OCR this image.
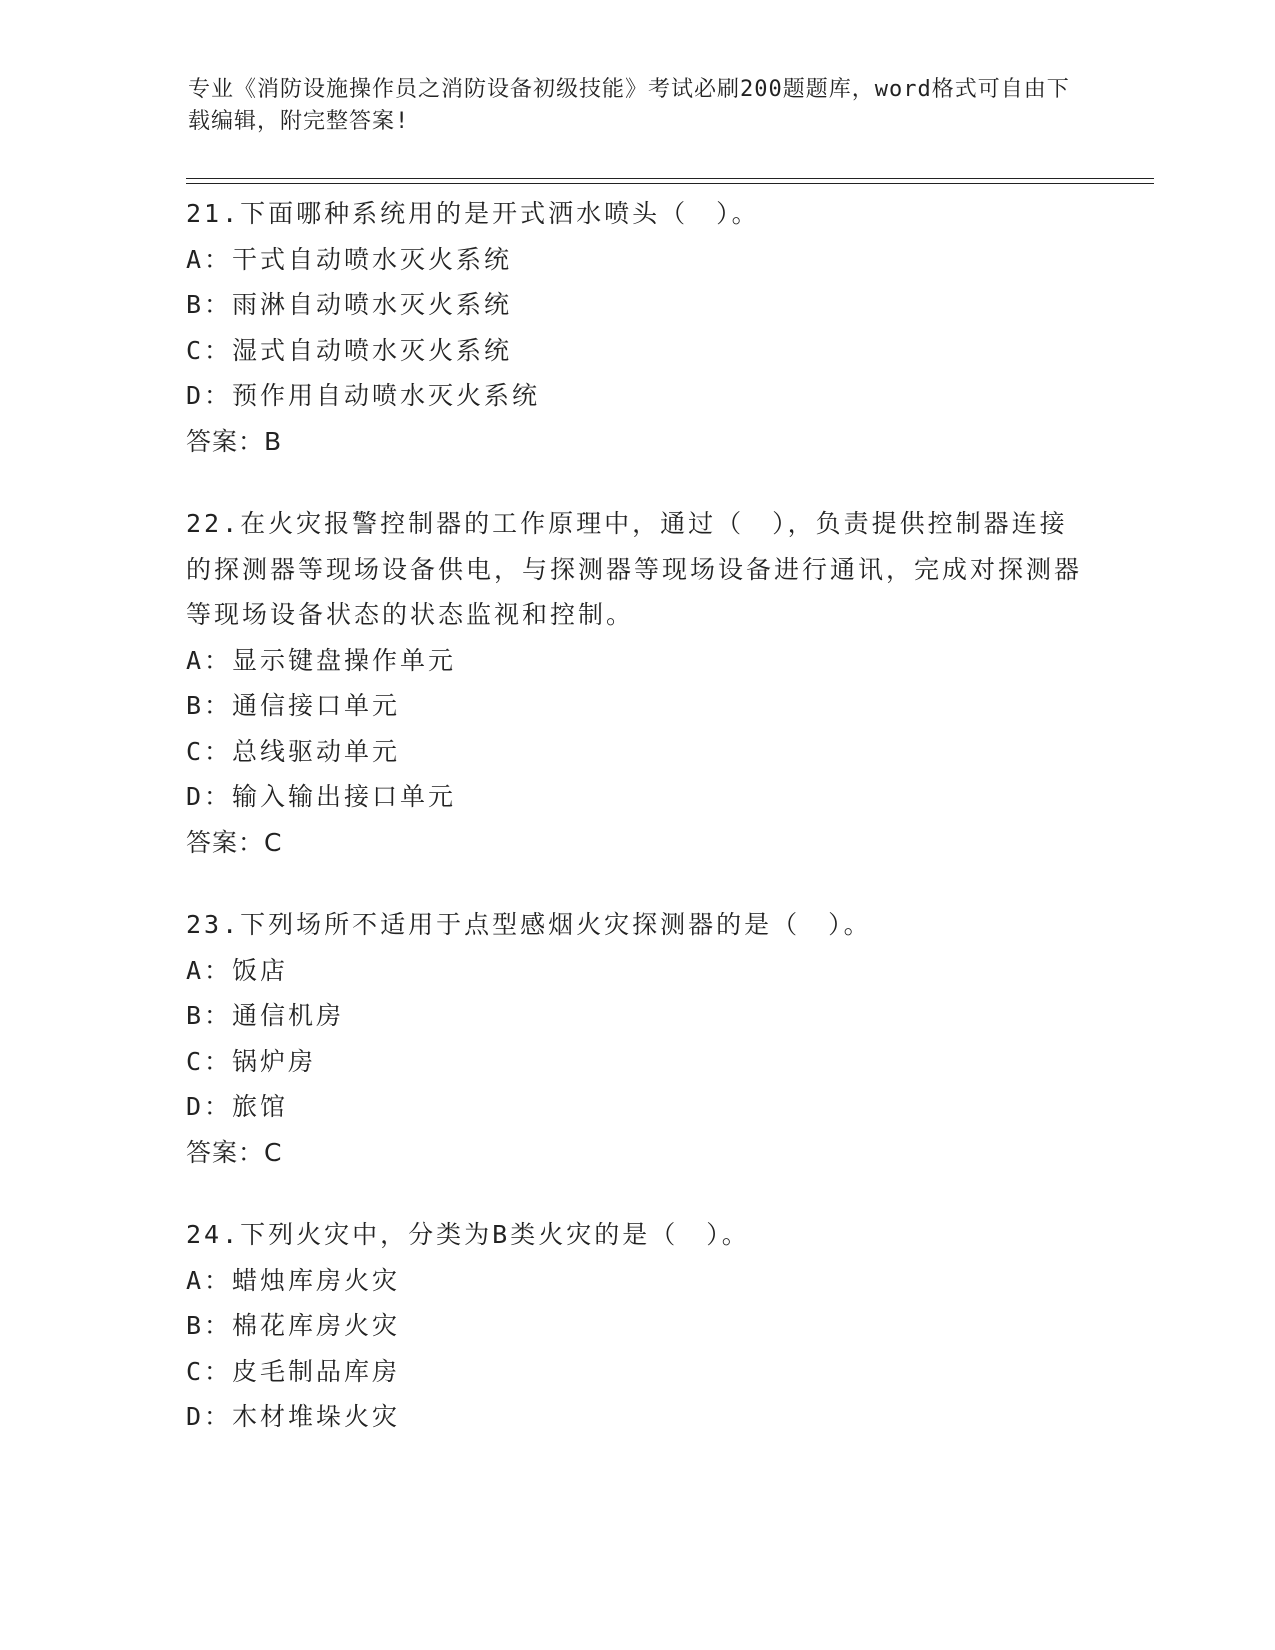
专业《消防设施操作员之消防设备初级技能》考试必刷200题题库，word格式可自由下载编辑，附完整答案!

21.下面哪种系统用的是开式洒水喷头（　）。

A：干式自动喷水灭火系统

B：雨淋自动喷水灭火系统

C：湿式自动喷水灭火系统

D：预作用自动喷水灭火系统

答案：B

22.在火灾报警控制器的工作原理中，通过（　），负责提供控制器连接的探测器等现场设备供电，与探测器等现场设备进行通讯，完成对探测器等现场设备状态的状态监视和控制。

A：显示键盘操作单元

B：通信接口单元

C：总线驱动单元

D：输入输出接口单元

答案：C

23.下列场所不适用于点型感烟火灾探测器的是（　）。

A：饭店

B：通信机房

C：锅炉房

D：旅馆

答案：C

24.下列火灾中，分类为B类火灾的是（　）。

A：蜡烛库房火灾

B：棉花库房火灾

C：皮毛制品库房

D：木材堆垛火灾
